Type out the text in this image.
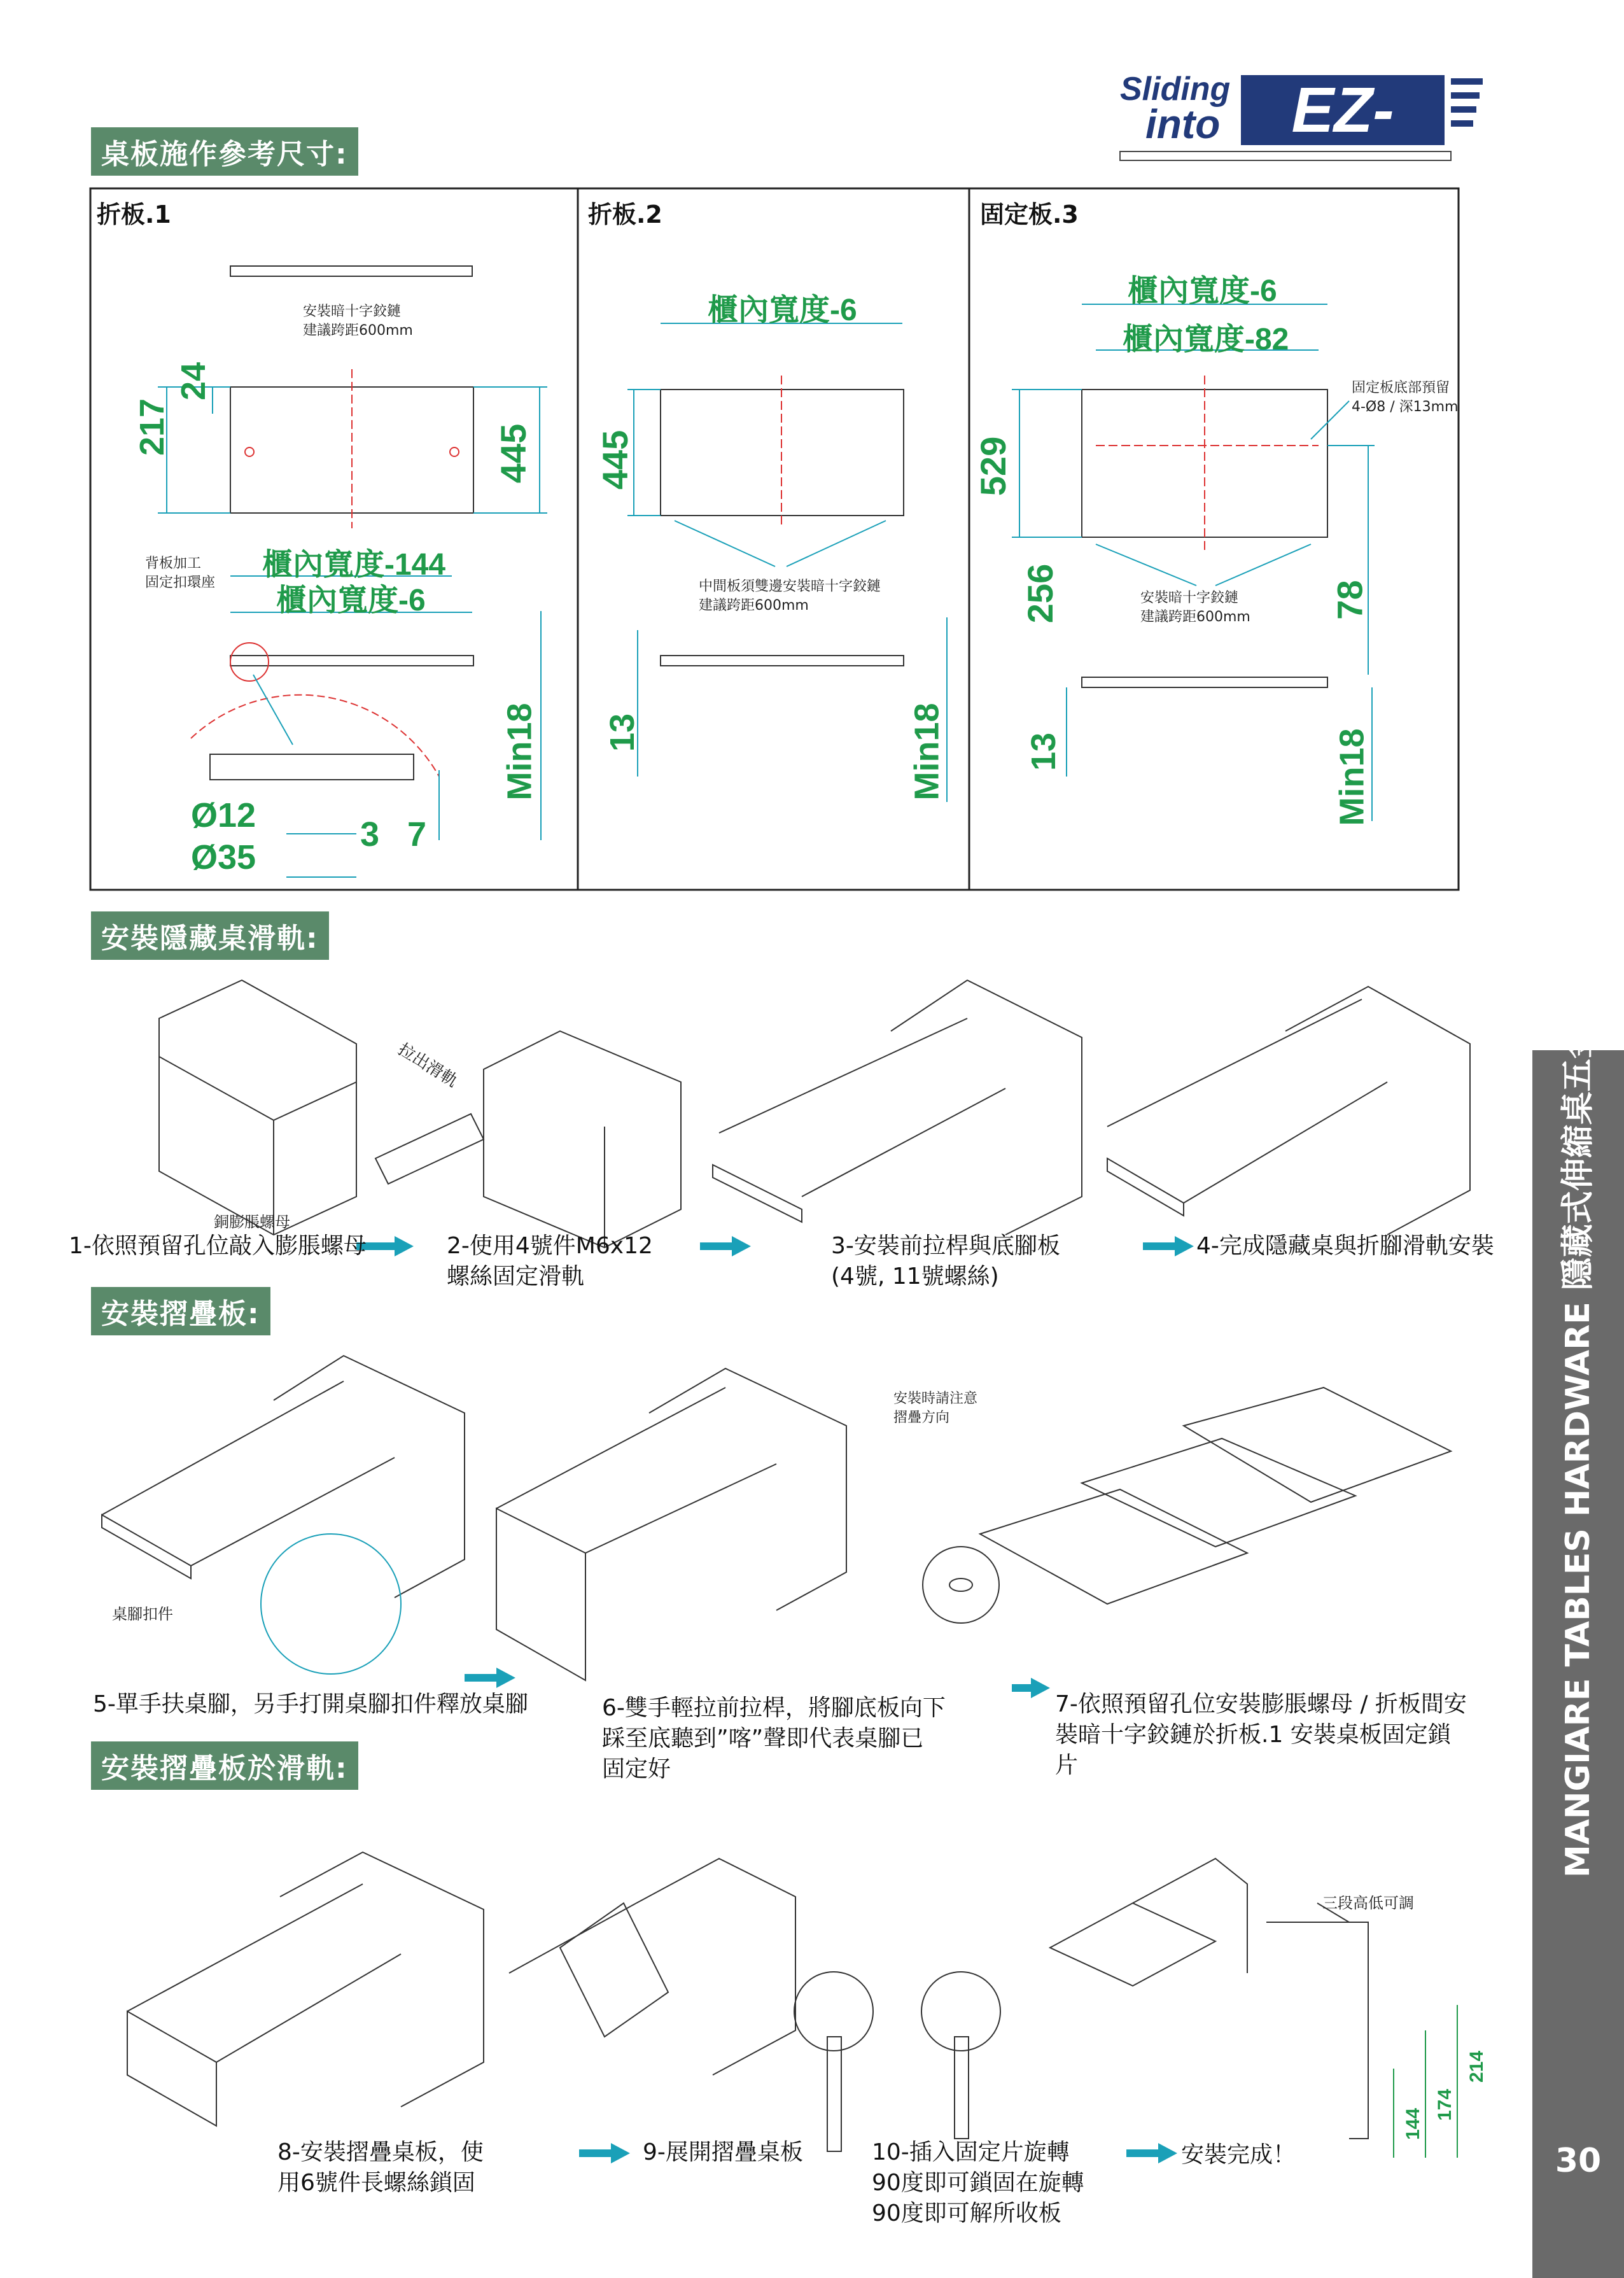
Sliding
into	EZ-Pro
桌板施作參考尺寸:
折板.1	折板.2	固定板.3
安裝暗十字鉸鏈
建議跨距600mm
背板加工
固定扣環座
217
24
445
櫃內寬度-144
櫃內寬度-6
Min18
Ø12
Ø35
3 7
櫃內寬度-6
445
中間板須雙邊安裝暗十字鉸鏈
建議跨距600mm
13	Min18
櫃內寬度-6
櫃內寬度-82
固定板底部預留
4-Ø8 / 深13mm
529
256	78
安裝暗十字鉸鏈
建議跨距600mm
13	Min18
安裝隱藏桌滑軌:
拉出滑軌
銅膨脹螺母
1-依照預留孔位敲入膨脹螺母	2-使用4號件M6x12
螺絲固定滑軌
3-安裝前拉桿與底腳板
(4號, 11號螺絲)
4-完成隱藏桌與折腳滑軌安裝
安裝摺疊板:
桌腳扣件
安裝時請注意
摺疊方向
5-單手扶桌腳，另手打開桌腳扣件釋放桌腳	6-雙手輕拉前拉桿，將腳底板向下
踩至底聽到”喀”聲即代表桌腳已
固定好
7-依照預留孔位安裝膨脹螺母 / 折板間安
裝暗十字鉸鏈於折板.1 安裝桌板固定鎖
片
安裝摺疊板於滑軌:
三段高低可調
8-安裝摺疊桌板，使
用6號件長螺絲鎖固
9-展開摺疊桌板	10-插入固定片旋轉
90度即可鎖固在旋轉
90度即可解所收板
安裝完成！
214
174
144
MANGIARE TABLES HARDWARE 隱藏式伸縮桌五金
30
